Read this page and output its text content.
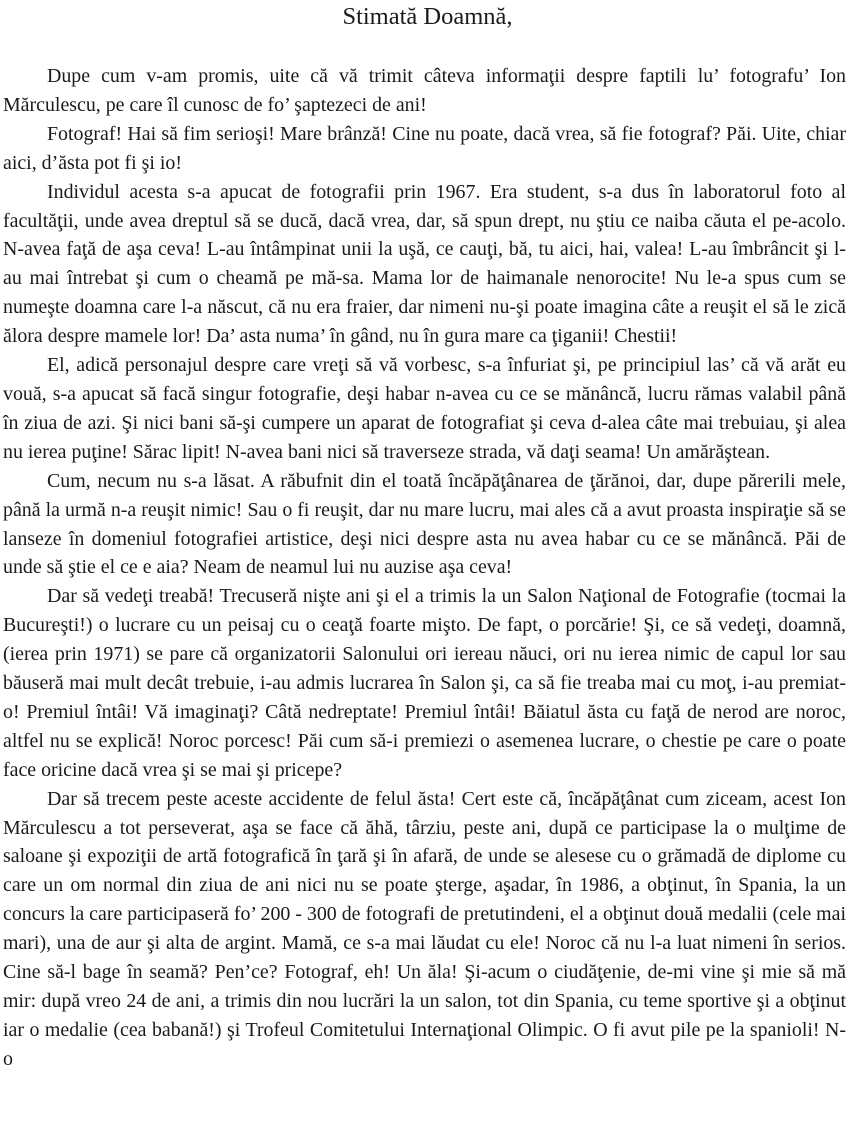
Stimată Doamnă,

Dupe cum v-am promis, uite că vă trimit câteva informaţii despre faptili lu’ fotografu’ Ion Mărculescu, pe care îl cunosc de fo’ şaptezeci de ani!

Fotograf! Hai să fim serioşi! Mare brânză! Cine nu poate, dacă vrea, să fie fotograf? Păi. Uite, chiar aici, d’ăsta pot fi şi io!

Individul acesta s-a apucat de fotografii prin 1967. Era student, s-a dus în laboratorul foto al facultăţii, unde avea dreptul să se ducă, dacă vrea, dar, să spun drept, nu ştiu ce naiba căuta el pe-acolo. N-avea faţă de aşa ceva! L-au întâmpinat unii la uşă, ce cauţi, bă, tu aici, hai, valea! L-au îmbrâncit şi l-au mai întrebat şi cum o cheamă pe mă-sa. Mama lor de haimanale nenorocite! Nu le-a spus cum se numeşte doamna care l-a născut, că nu era fraier, dar nimeni nu-şi poate imagina câte a reuşit el să le zică ălora despre mamele lor! Da’ asta numa’ în gând, nu în gura mare ca ţiganii! Chestii!

El, adică personajul despre care vreţi să vă vorbesc, s-a înfuriat şi, pe principiul las’ că vă arăt eu vouă, s-a apucat să facă singur fotografie, deşi habar n-avea cu ce se mănâncă, lucru rămas valabil până în ziua de azi. Şi nici bani să-şi cumpere un aparat de fotografiat şi ceva d-alea câte mai trebuiau, şi alea nu ierea puţine! Sărac lipit! N-avea bani nici să traverseze strada, vă daţi seama! Un amărăştean.

Cum, necum nu s-a lăsat. A răbufnit din el toată încăpăţânarea de ţărănoi, dar, dupe părerili mele, până la urmă n-a reuşit nimic! Sau o fi reuşit, dar nu mare lucru, mai ales că a avut proasta inspiraţie să se lanseze în domeniul fotografiei artistice, deşi nici despre asta nu avea habar cu ce se mănâncă. Păi de unde să ştie el ce e aia? Neam de neamul lui nu auzise aşa ceva!

Dar să vedeţi treabă! Trecuseră nişte ani şi el a trimis la un Salon Naţional de Fotografie (tocmai la Bucureşti!) o lucrare cu un peisaj cu o ceaţă foarte mişto. De fapt, o porcărie! Şi, ce să vedeţi, doamnă, (ierea prin 1971) se pare că organizatorii Salonului ori iereau năuci, ori nu ierea nimic de capul lor sau băuseră mai mult decât trebuie, i-au admis lucrarea în Salon şi, ca să fie treaba mai cu moţ, i-au premiat-o! Premiul întâi! Vă imaginaţi? Câtă nedreptate! Premiul întâi! Băiatul ăsta cu faţă de nerod are noroc, altfel nu se explică! Noroc porcesc! Păi cum să-i premiezi o asemenea lucrare, o chestie pe care o poate face oricine dacă vrea şi se mai şi pricepe?

Dar să trecem peste aceste accidente de felul ăsta! Cert este că, încăpăţânat cum ziceam, acest Ion Mărculescu a tot perseverat, aşa se face că ăhă, târziu, peste ani, după ce participase la o mulţime de saloane şi expoziţii de artă fotografică în ţară şi în afară, de unde se alesese cu o grămadă de diplome cu care un om normal din ziua de ani nici nu se poate şterge, aşadar, în 1986, a obţinut, în Spania, la un concurs la care participaseră fo’ 200 - 300 de fotografi de pretutindeni, el a obţinut două medalii (cele mai mari), una de aur şi alta de argint. Mamă, ce s-a mai lăudat cu ele! Noroc că nu l-a luat nimeni în serios. Cine să-l bage în seamă? Pen’ce? Fotograf, eh! Un ăla! Şi-acum o ciudăţenie, de-mi vine şi mie să mă mir: după vreo 24 de ani, a trimis din nou lucrări la un salon, tot din Spania, cu teme sportive şi a obţinut iar o medalie (cea babană!) şi Trofeul Comitetului Internaţional Olimpic. O fi avut pile pe la spanioli! N-o
